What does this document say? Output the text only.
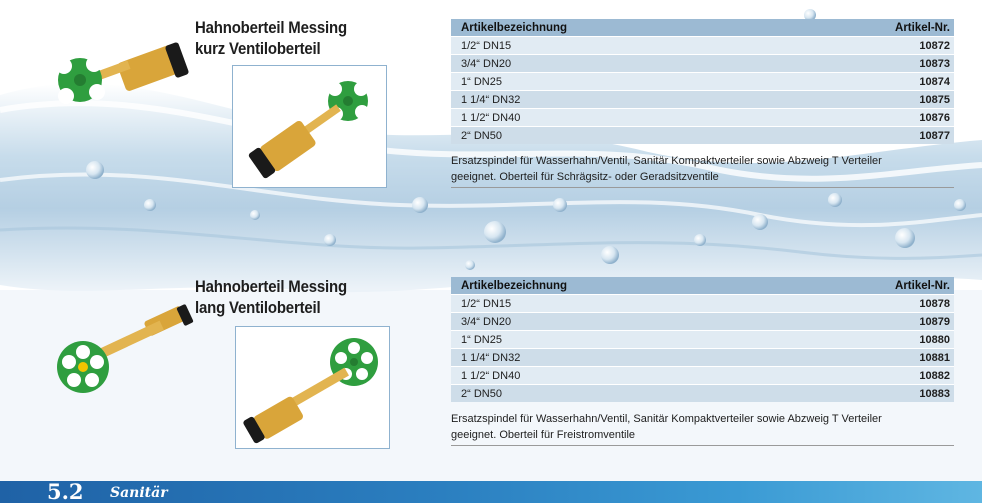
Hahnoberteil Messing
kurz Ventiloberteil
Artikelbezeichnung	Artikel-Nr.
1/2“ DN15	10872
3/4“ DN20	10873
1“ DN25	10874
1 1/4“ DN32	10875
1 1/2“ DN40	10876
2“ DN50	10877
Ersatzspindel für Wasserhahn/Ventil, Sanitär Kompaktverteiler sowie Abzweig T Verteiler
geeignet. Oberteil für Schrägsitz- oder Geradsitzventile
Hahnoberteil Messing
lang Ventiloberteil
Artikelbezeichnung	Artikel-Nr.
1/2“ DN15	10878
3/4“ DN20	10879
1“ DN25	10880
1 1/4“ DN32	10881
1 1/2“ DN40	10882
2“ DN50	10883
Ersatzspindel für Wasserhahn/Ventil, Sanitär Kompaktverteiler sowie Abzweig T Verteiler
geeignet. Oberteil für Freistromventile
5.2 Sanitär
